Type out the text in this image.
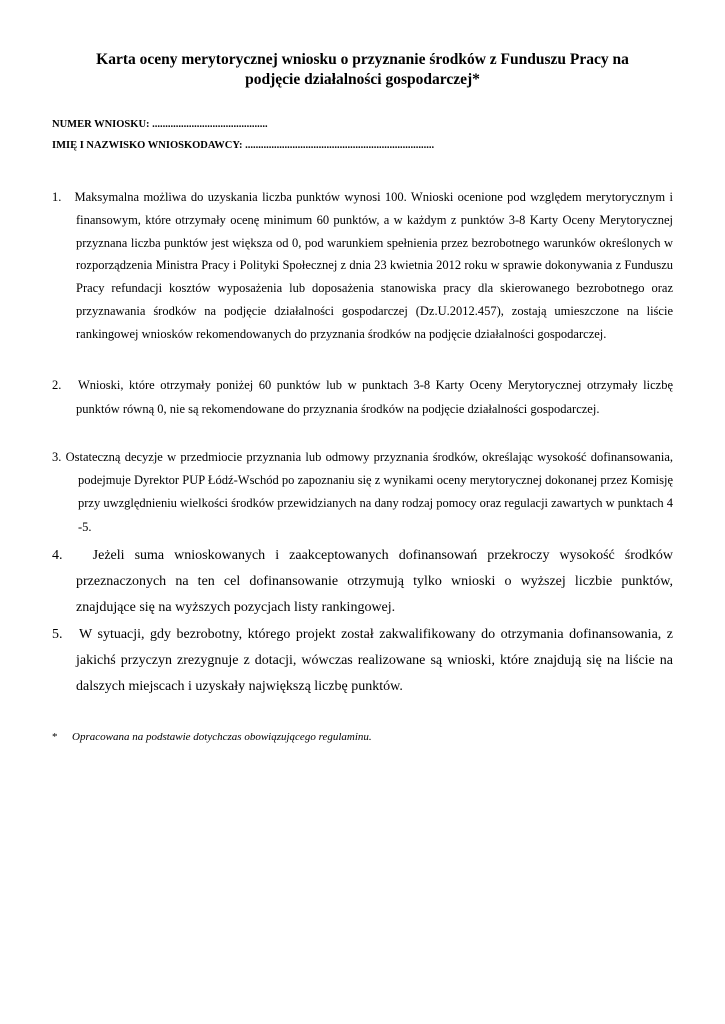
Karta oceny merytorycznej wniosku o przyznanie środków z Funduszu Pracy na
podjęcie działalności gospodarczej*
NUMER WNIOSKU: ............................................
IMIĘ I NAZWISKO WNIOSKODAWCY: ........................................................................

1. Maksymalna możliwa do uzyskania liczba punktów wynosi 100. Wnioski ocenione pod względem merytorycznym i finansowym, które otrzymały ocenę minimum 60 punktów, a w każdym z punktów 3-8 Karty Oceny Merytorycznej przyznana liczba punktów jest większa od 0, pod warunkiem spełnienia przez bezrobotnego warunków określonych w rozporządzenia Ministra Pracy i Polityki Społecznej z dnia 23 kwietnia 2012 roku w sprawie dokonywania z Funduszu Pracy refundacji kosztów wyposażenia lub doposażenia stanowiska pracy dla skierowanego bezrobotnego oraz przyznawania środków na podjęcie działalności gospodarczej (Dz.U.2012.457), zostają umieszczone na liście rankingowej wniosków rekomendowanych do przyznania środków na podjęcie działalności gospodarczej.

2. Wnioski, które otrzymały poniżej 60 punktów lub w punktach 3-8 Karty Oceny Merytorycznej otrzymały liczbę punktów równą 0, nie są rekomendowane do przyznania środków na podjęcie działalności gospodarczej.

3. Ostateczną decyzje w przedmiocie przyznania lub odmowy przyznania środków, określając wysokość dofinansowania, podejmuje Dyrektor PUP Łódź-Wschód po zapoznaniu się z wynikami oceny merytorycznej dokonanej przez Komisję przy uwzględnieniu wielkości środków przewidzianych na dany rodzaj pomocy oraz regulacji zawartych w punktach 4 -5.

4. Jeżeli suma wnioskowanych i zaakceptowanych dofinansowań przekroczy wysokość środków przeznaczonych na ten cel dofinansowanie otrzymują tylko wnioski o wyższej liczbie punktów, znajdujące się na wyższych pozycjach listy rankingowej.

5. W sytuacji, gdy bezrobotny, którego projekt został zakwalifikowany do otrzymania dofinansowania, z jakichś przyczyn zrezygnuje z dotacji, wówczas realizowane są wnioski, które znajdują się na liście na dalszych miejscach i uzyskały największą liczbę punktów.

* Opracowana na podstawie dotychczas obowiązującego regulaminu.
